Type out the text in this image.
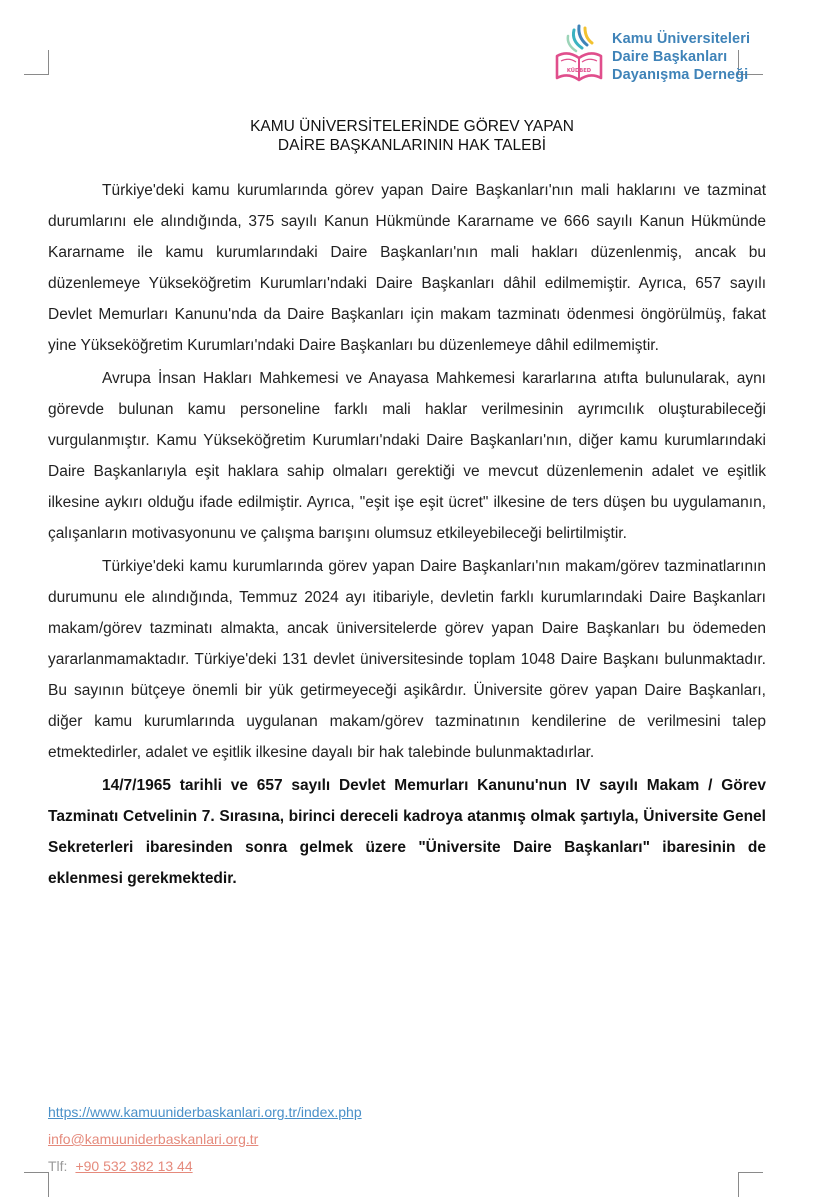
KÜDBED
Kamu Üniversiteleri
Daire Başkanları
Dayanışma Derneği
KAMU ÜNİVERSİTELERİNDE GÖREV YAPAN
DAİRE BAŞKANLARININ HAK TALEBİ

Türkiye'deki kamu kurumlarında görev yapan Daire Başkanları'nın mali haklarını ve tazminat durumlarını ele alındığında, 375 sayılı Kanun Hükmünde Kararname ve 666 sayılı Kanun Hükmünde Kararname ile kamu kurumlarındaki Daire Başkanları'nın mali hakları düzenlenmiş, ancak bu düzenlemeye Yükseköğretim Kurumları'ndaki Daire Başkanları dâhil edilmemiştir. Ayrıca, 657 sayılı Devlet Memurları Kanunu'nda da Daire Başkanları için makam tazminatı ödenmesi öngörülmüş, fakat yine Yükseköğretim Kurumları'ndaki Daire Başkanları bu düzenlemeye dâhil edilmemiştir.

Avrupa İnsan Hakları Mahkemesi ve Anayasa Mahkemesi kararlarına atıfta bulunularak, aynı görevde bulunan kamu personeline farklı mali haklar verilmesinin ayrımcılık oluşturabileceği vurgulanmıştır. Kamu Yükseköğretim Kurumları'ndaki Daire Başkanları'nın, diğer kamu kurumlarındaki Daire Başkanlarıyla eşit haklara sahip olmaları gerektiği ve mevcut düzenlemenin adalet ve eşitlik ilkesine aykırı olduğu ifade edilmiştir. Ayrıca, "eşit işe eşit ücret" ilkesine de ters düşen bu uygulamanın, çalışanların motivasyonunu ve çalışma barışını olumsuz etkileyebileceği belirtilmiştir.

Türkiye'deki kamu kurumlarında görev yapan Daire Başkanları'nın makam/görev tazminatlarının durumunu ele alındığında, Temmuz 2024 ayı itibariyle, devletin farklı kurumlarındaki Daire Başkanları makam/görev tazminatı almakta, ancak üniversitelerde görev yapan Daire Başkanları bu ödemeden yararlanmamaktadır. Türkiye'deki 131 devlet üniversitesinde toplam 1048 Daire Başkanı bulunmaktadır. Bu sayının bütçeye önemli bir yük getirmeyeceği aşikârdır. Üniversite görev yapan Daire Başkanları, diğer kamu kurumlarında uygulanan makam/görev tazminatının kendilerine de verilmesini talep etmektedirler, adalet ve eşitlik ilkesine dayalı bir hak talebinde bulunmaktadırlar.

14/7/1965 tarihli ve 657 sayılı Devlet Memurları Kanunu'nun IV sayılı Makam / Görev Tazminatı Cetvelinin 7. Sırasına, birinci dereceli kadroya atanmış olmak şartıyla, Üniversite Genel Sekreterleri ibaresinden sonra gelmek üzere "Üniversite Daire Başkanları" ibaresinin de eklenmesi gerekmektedir.

https://www.kamuuniderbaskanlari.org.tr/index.php
info@kamuuniderbaskanlari.org.tr
Tlf: +90 532 382 13 44
